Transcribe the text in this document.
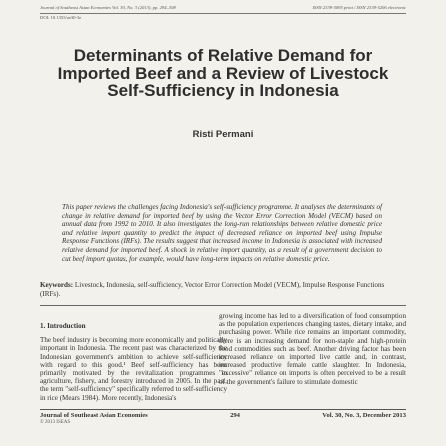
Journal of Southeast Asian Economies Vol. 30, No. 3 (2013), pp. 294–308	ISSN 2339-5095 print / ISSN 2339-5206 electronic
DOI: 10.1355/ae30-3e
Determinants of Relative Demand for Imported Beef and a Review of Livestock Self-Sufficiency in Indonesia
Risti Permani
This paper reviews the challenges facing Indonesia's self-sufficiency programme. It analyses the determinants of change in relative demand for imported beef by using the Vector Error Correction Model (VECM) based on annual data from 1992 to 2010. It also investigates the long-run relationships between relative domestic price and relative import quantity to predict the impact of decreased reliance on imported beef using Impulse Response Functions (IRFs). The results suggest that increased income in Indonesia is associated with increased relative demand for imported beef. A shock in relative import quantity, as a result of a government decision to cut beef import quotas, for example, would have long-term impacts on relative domestic price.
Keywords: Livestock, Indonesia, self-sufficiency, Vector Error Correction Model (VECM), Impulse Response Functions (IRFs).
1. Introduction
The beef industry is becoming more economically and politically important in Indonesia. The recent past was characterized by the Indonesian government's ambition to achieve self-sufficiency with regard to this good.¹ Beef self-sufficiency has been primarily motivated by the revitalization programmes in agriculture, fishery, and forestry introduced in 2005. In the past, the term "self-sufficiency" specifically referred to self-sufficiency in rice (Mears 1984). More recently, Indonesia's
growing income has led to a diversification of food consumption as the population experiences changing tastes, dietary intake, and purchasing power. While rice remains an important commodity, there is an increasing demand for non-staple and high-protein food commodities such as beef. Another driving factor has been increased reliance on imported live cattle and, in contrast, increased productive female cattle slaughter. In Indonesia, "excessive" reliance on imports is often perceived to be a result of the government's failure to stimulate domestic
Journal of Southeast Asian Economies	294	Vol. 30, No. 3, December 2013
© 2013 ISEAS
